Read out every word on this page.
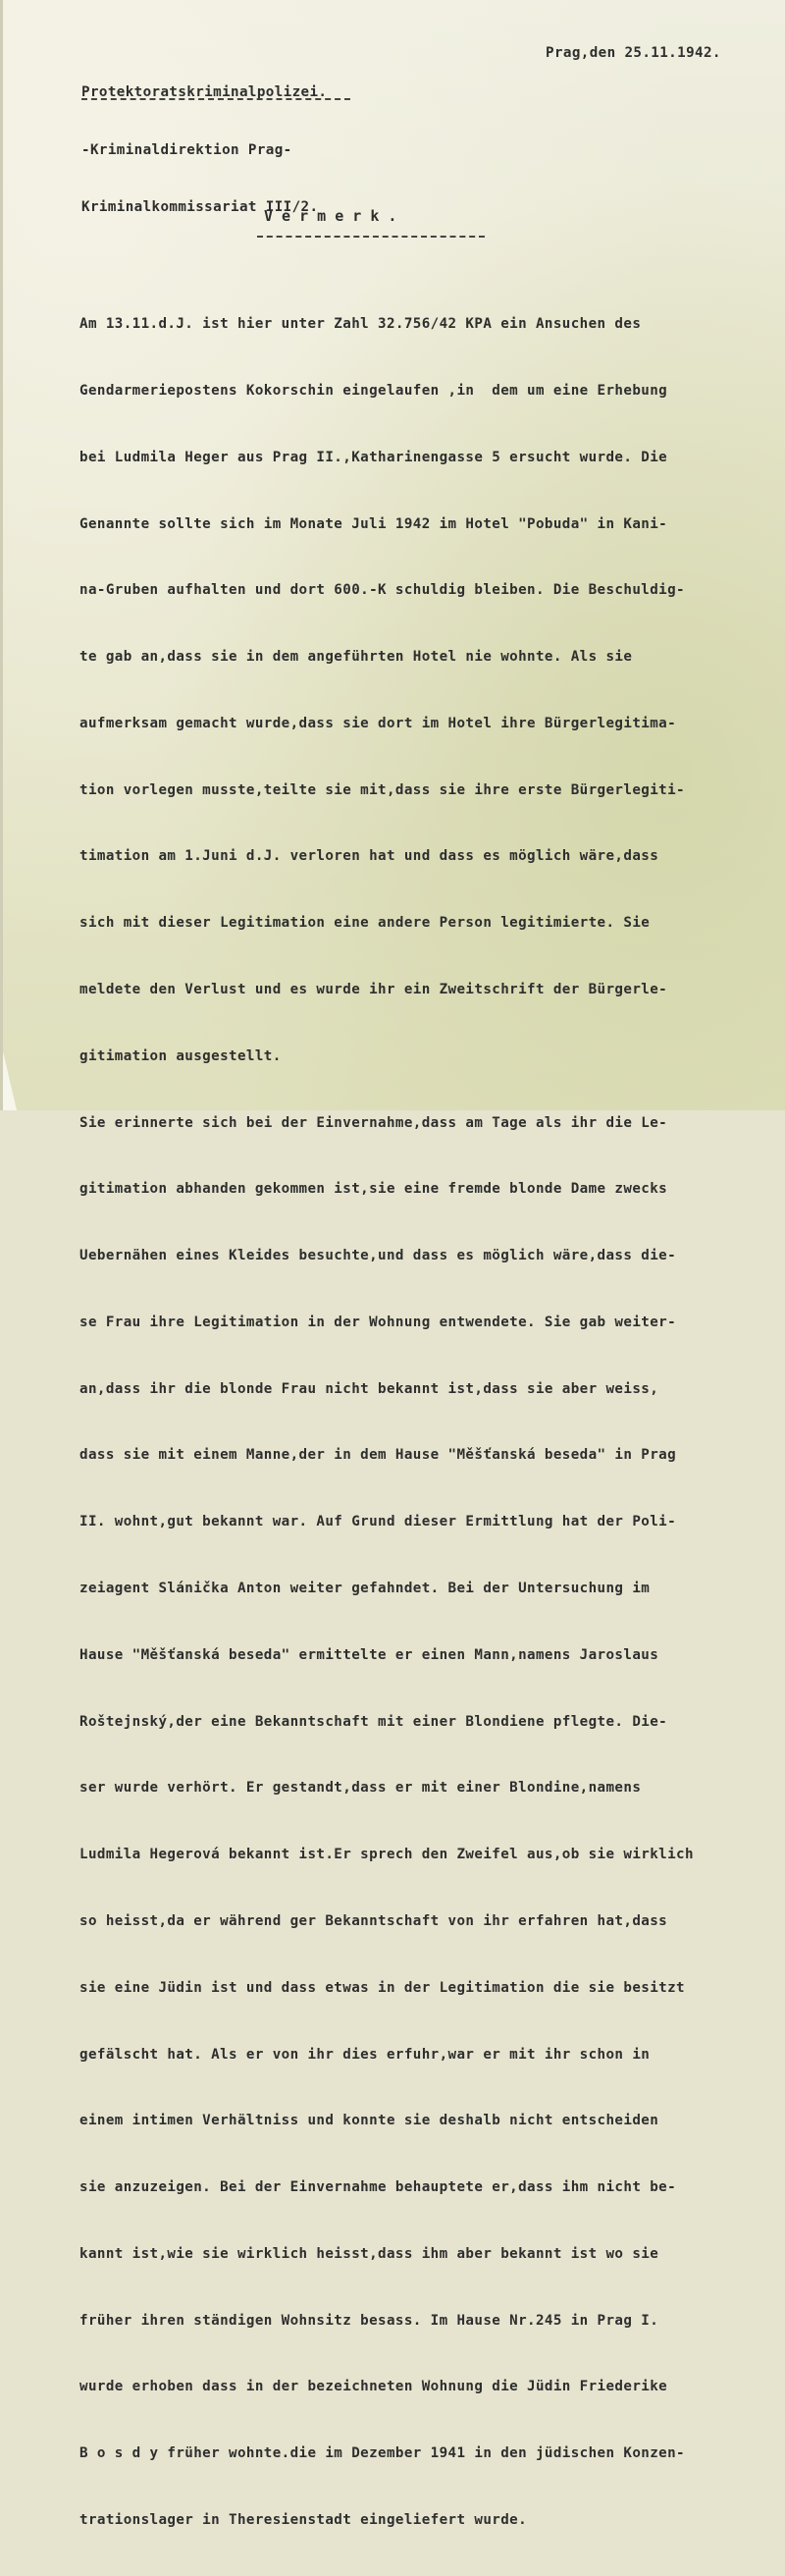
Protektoratskriminalpolizei.

-Kriminaldirektion Prag-

Kriminalkommissariat III/2.

Prag,den 25.11.1942.
V e r m e r k .

Am 13.11.d.J. ist hier unter Zahl 32.756/42 KPA ein Ansuchen des

Gendarmeriepostens Kokorschin eingelaufen ,in  dem um eine Erhebung

bei Ludmila Heger aus Prag II.,Katharinengasse 5 ersucht wurde. Die

Genannte sollte sich im Monate Juli 1942 im Hotel "Pobuda" in Kani-

na-Gruben aufhalten und dort 600.-K schuldig bleiben. Die Beschuldig-

te gab an,dass sie in dem angeführten Hotel nie wohnte. Als sie

aufmerksam gemacht wurde,dass sie dort im Hotel ihre Bürgerlegitima-

tion vorlegen musste,teilte sie mit,dass sie ihre erste Bürgerlegiti-

timation am 1.Juni d.J. verloren hat und dass es möglich wäre,dass

sich mit dieser Legitimation eine andere Person legitimierte. Sie

meldete den Verlust und es wurde ihr ein Zweitschrift der Bürgerle-

gitimation ausgestellt.

Sie erinnerte sich bei der Einvernahme,dass am Tage als ihr die Le-

gitimation abhanden gekommen ist,sie eine fremde blonde Dame zwecks

Uebernähen eines Kleides besuchte,und dass es möglich wäre,dass die-

se Frau ihre Legitimation in der Wohnung entwendete. Sie gab weiter-

an,dass ihr die blonde Frau nicht bekannt ist,dass sie aber weiss,

dass sie mit einem Manne,der in dem Hause "Měšťanská beseda" in Prag

II. wohnt,gut bekannt war. Auf Grund dieser Ermittlung hat der Poli-

zeiagent Slánička Anton weiter gefahndet. Bei der Untersuchung im

Hause "Měšťanská beseda" ermittelte er einen Mann,namens Jaroslaus

Roštejnský,der eine Bekanntschaft mit einer Blondiene pflegte. Die-

ser wurde verhört. Er gestandt,dass er mit einer Blondine,namens

Ludmila Hegerová bekannt ist.Er sprech den Zweifel aus,ob sie wirklich

so heisst,da er während ger Bekanntschaft von ihr erfahren hat,dass

sie eine Jüdin ist und dass etwas in der Legitimation die sie besitzt

gefälscht hat. Als er von ihr dies erfuhr,war er mit ihr schon in

einem intimen Verhältniss und konnte sie deshalb nicht entscheiden

sie anzuzeigen. Bei der Einvernahme behauptete er,dass ihm nicht be-

kannt ist,wie sie wirklich heisst,dass ihm aber bekannt ist wo sie

früher ihren ständigen Wohnsitz besass. Im Hause Nr.245 in Prag I.

wurde erhoben dass in der bezeichneten Wohnung die Jüdin Friederike

B o s d y früher wohnte.die im Dezember 1941 in den jüdischen Konzen-

trationslager in Theresienstadt eingeliefert wurde.
